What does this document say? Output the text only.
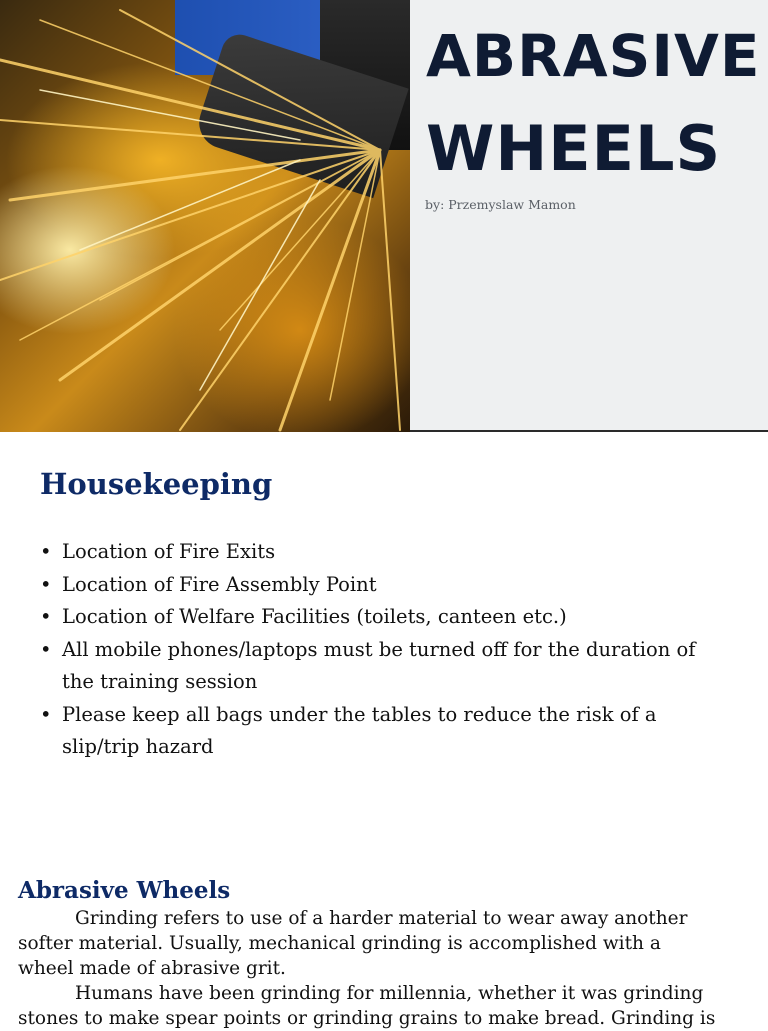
ABRASIVE
WHEELS

by: Przemyslaw Mamon

Housekeeping
• Location of Fire Exits
• Location of Fire Assembly Point
• Location of Welfare Facilities (toilets, canteen etc.)
• All mobile phones/laptops must be turned off for the duration of the training session
• Please keep all bags under the tables to reduce the risk of a slip/trip hazard
Abrasive Wheels

Grinding refers to use of a harder material to wear away another softer material. Usually, mechanical grinding is accomplished with a wheel made of abrasive grit.

Humans have been grinding for millennia, whether it was grinding stones to make spear points or grinding grains to make bread. Grinding is
